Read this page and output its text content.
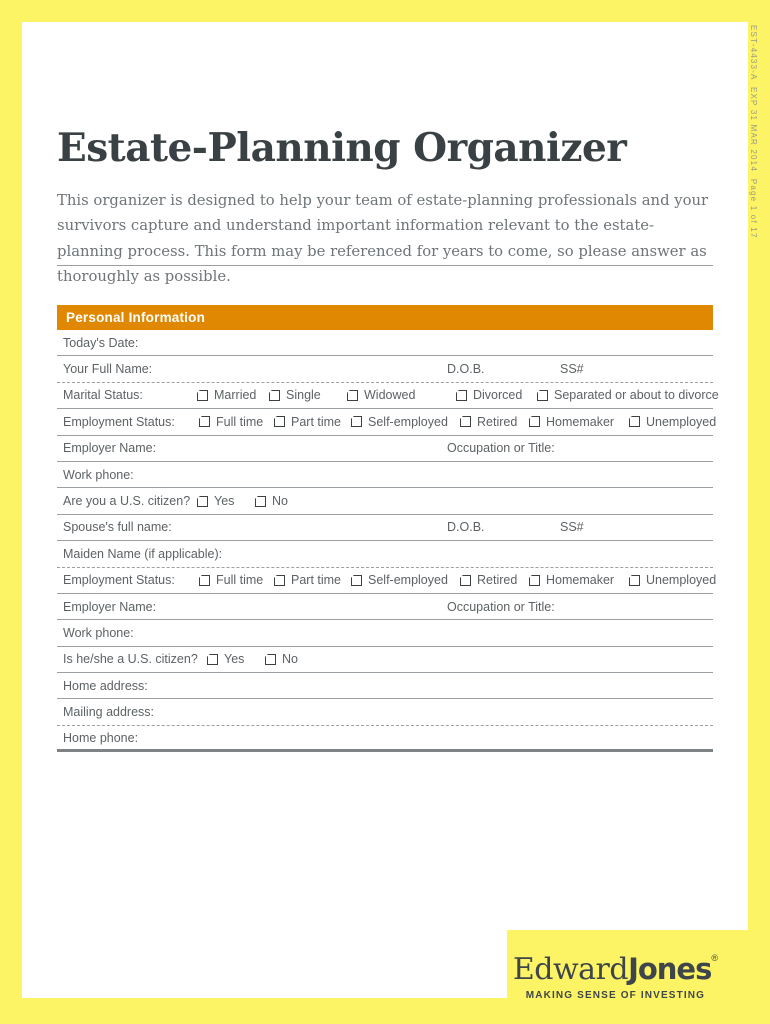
Estate-Planning Organizer
This organizer is designed to help your team of estate-planning professionals and your survivors capture and understand important information relevant to the estate-planning process. This form may be referenced for years to come, so please answer as thoroughly as possible.
Personal Information
Today's Date:
Your Full Name:	D.O.B.	SS#
Marital Status:	Married Single	Widowed	Divorced	Separated or about to divorce
Employment Status:	Full time Part time Self-employed Retired Homemaker	Unemployed
Employer Name:	Occupation or Title:
Work phone:
Are you a U.S. citizen? Yes	No
Spouse's full name:	D.O.B.	SS#
Maiden Name (if applicable):
Employment Status:	Full time Part time Self-employed Retired Homemaker	Unemployed
Employer Name:	Occupation or Title:
Work phone:
Is he/she a U.S. citizen? Yes	No
Home address:
Mailing address:
Home phone:
EST-4433-A  EXP 31 MAR 2014  Page 1 of 17
EdwardJones®
MAKING SENSE OF INVESTING
